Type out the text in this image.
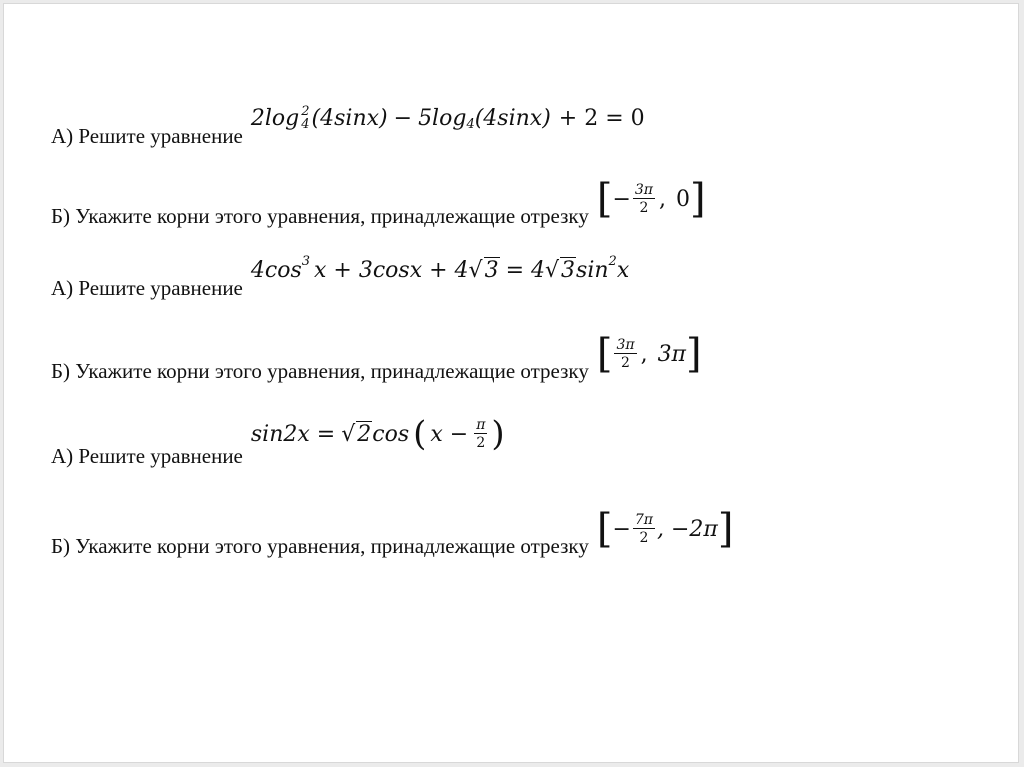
А) Решите уравнение
2log 2
4 (4sinx) − 5log 4 (4sinx) + 2 = 0
Б) Укажите корни этого уравнения, принадлежащие отрезку [ − $\frac{3\pi}{2}$ , 0 ]
А) Решите уравнение
4cos 3 x + 3cosx + 4 √ 3 = 4 √ 3 sin 2 x
Б) Укажите корни этого уравнения, принадлежащие отрезку [ $\frac{3\pi}{2}$ , 3π ]
А) Решите уравнение
sin2x = √ 2 cos ( $x - \frac{\pi}{2}$ )
Б) Укажите корни этого уравнения, принадлежащие отрезку [ − $\frac{7\pi}{2}$ , −2π ]
